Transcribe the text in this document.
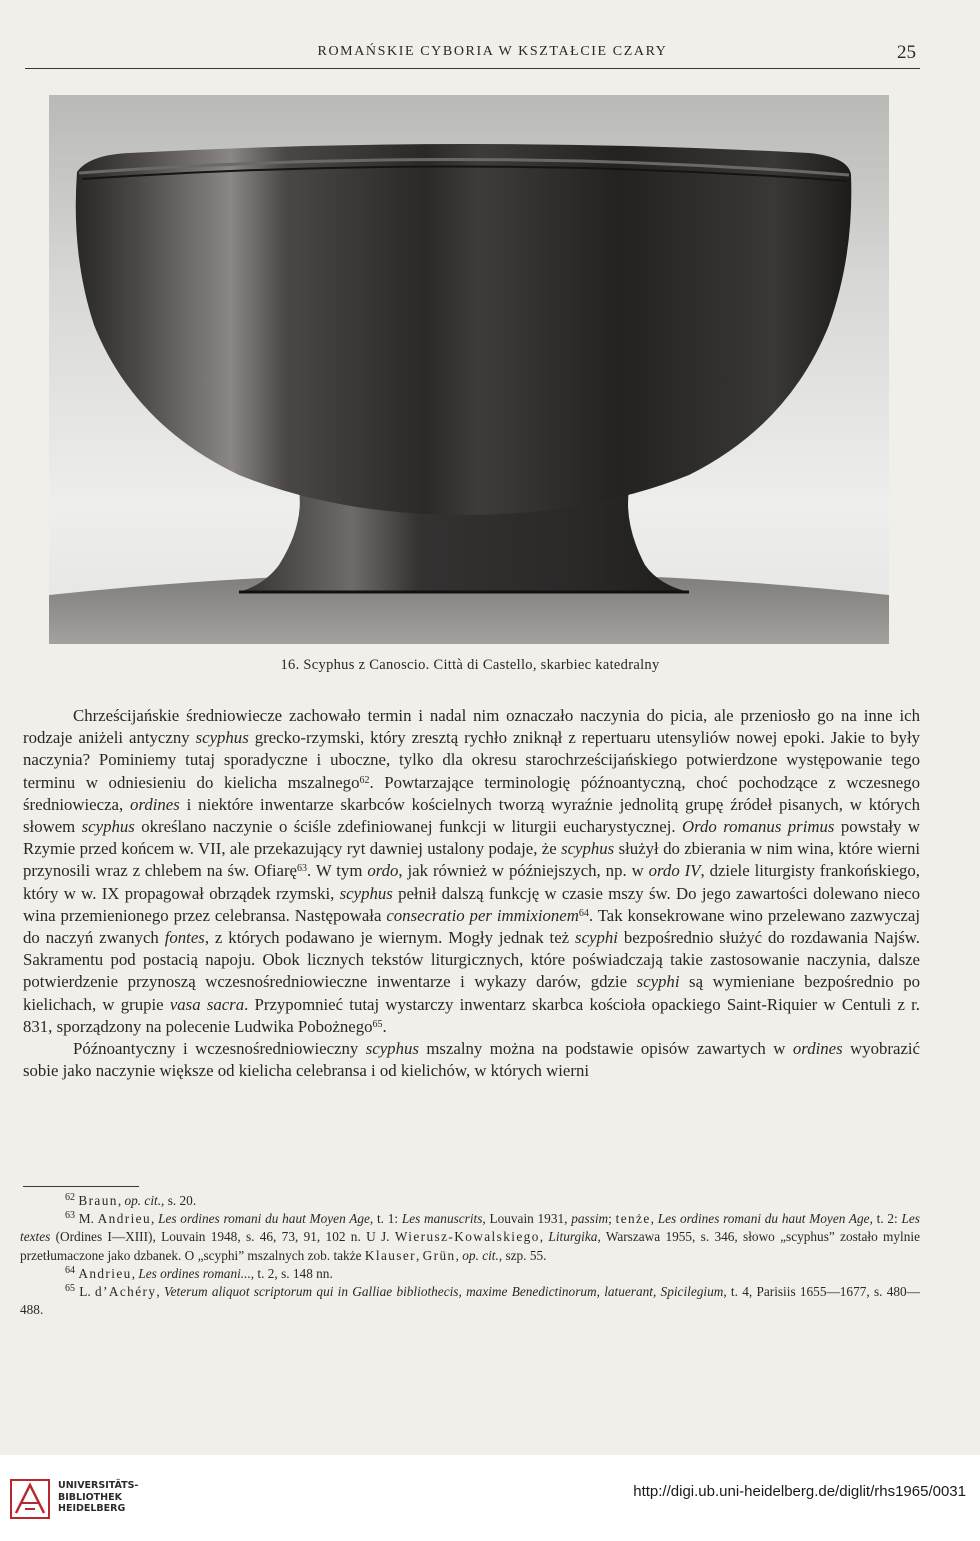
ROMAŃSKIE CYBORIA W KSZTAŁCIE CZARY	25
16. Scyphus z Canoscio. Città di Castello, skarbiec katedralny

Chrześcijańskie średniowiecze zachowało termin i nadal nim oznaczało naczynia do picia, ale przeniosło go na inne ich rodzaje aniżeli antyczny scyphus grecko-rzymski, który zresztą rychło zniknął z repertuaru utensyliów nowej epoki. Jakie to były naczynia? Pominiemy tutaj sporadyczne i uboczne, tylko dla okresu starochrześcijańskiego potwierdzone występowanie tego terminu w odniesieniu do kielicha mszalnego$^{62}$. Powtarzające terminologię późnoantyczną, choć pochodzące z wczesnego średniowiecza, ordines i niektóre inwentarze skarbców kościelnych tworzą wyraźnie jednolitą grupę źródeł pisanych, w których słowem scyphus określano naczynie o ściśle zdefiniowanej funkcji w liturgii eucharystycznej. Ordo romanus primus powstały w Rzymie przed końcem w. VII, ale przekazujący ryt dawniej ustalony podaje, że scyphus służył do zbierania w nim wina, które wierni przynosili wraz z chlebem na św. Ofiarę$^{63}$. W tym ordo, jak również w późniejszych, np. w ordo IV, dziele liturgisty frankońskiego, który w w. IX propagował obrządek rzymski, scyphus pełnił dalszą funkcję w czasie mszy św. Do jego zawartości dolewano nieco wina przemienionego przez celebransa. Następowała consecratio per immixionem$^{64}$. Tak konsekrowane wino przelewano zazwyczaj do naczyń zwanych fontes, z których podawano je wiernym. Mogły jednak też scyphi bezpośrednio służyć do rozdawania Najśw. Sakramentu pod postacią napoju. Obok licznych tekstów liturgicznych, które poświadczają takie zastosowanie naczynia, dalsze potwierdzenie przynoszą wczesnośredniowieczne inwentarze i wykazy darów, gdzie scyphi są wymieniane bezpośrednio po kielichach, w grupie vasa sacra. Przypomnieć tutaj wystarczy inwentarz skarbca kościoła opackiego Saint-Riquier w Centuli z r. 831, sporządzony na polecenie Ludwika Pobożnego$^{65}$.

Późnoantyczny i wczesnośredniowieczny scyphus mszalny można na podstawie opisów zawartych w ordines wyobrazić sobie jako naczynie większe od kielicha celebransa i od kielichów, w których wierni

$^{62}$ Braun, op. cit., s. 20.

$^{63}$ M. Andrieu, Les ordines romani du haut Moyen Age, t. 1: Les manuscrits, Louvain 1931, passim; tenże, Les ordines romani du haut Moyen Age, t. 2: Les textes (Ordines I—XIII), Louvain 1948, s. 46, 73, 91, 102 n. U J. Wierusz-Kowalskiego, Liturgika, Warszawa 1955, s. 346, słowo „scyphus” zostało mylnie przetłumaczone jako dzbanek. O „scyphi” mszalnych zob. także Klauser, Grün, op. cit., szp. 55.

$^{64}$ Andrieu, Les ordines romani..., t. 2, s. 148 nn.

$^{65}$ L. d’Achéry, Veterum aliquot scriptorum qui in Galliae bibliothecis, maxime Benedictinorum, latuerant, Spicilegium, t. 4, Parisiis 1655—1677, s. 480—488.

UNIVERSITÄTS-
BIBLIOTHEK
HEIDELBERG
http://digi.ub.uni-heidelberg.de/diglit/rhs1965/0031
